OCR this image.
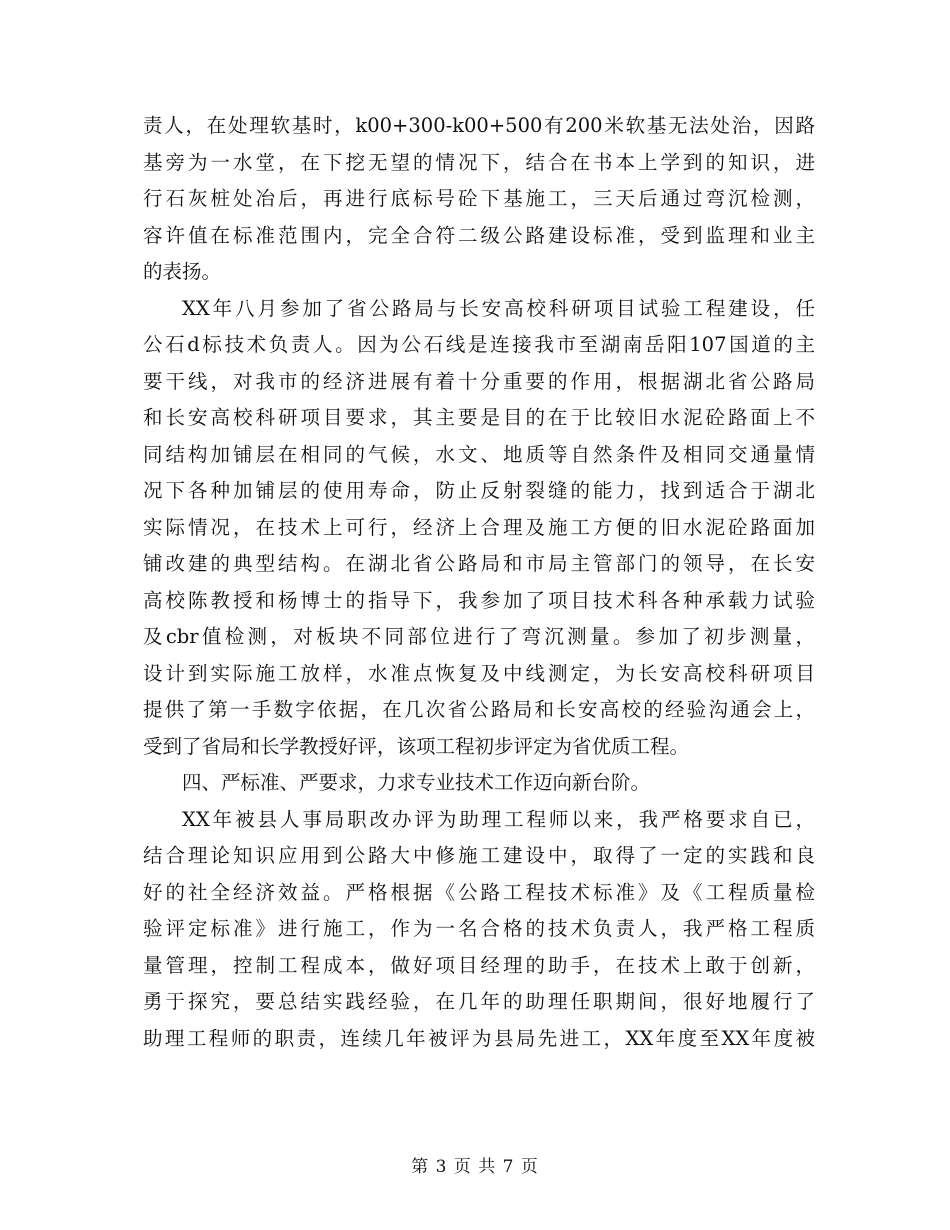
责人，在处理软基时，k00+300-k00+500有200米软基无法处治，因路
基旁为一水堂，在下挖无望的情况下，结合在书本上学到的知识，进
行石灰桩处冶后，再进行底标号砼下基施工，三天后通过弯沉检测，
容许值在标准范围内，完全合符二级公路建设标准，受到监理和业主
的表扬。
XX年八月参加了省公路局与长安高校科研项目试验工程建设，任
公石d标技术负责人。因为公石线是连接我市至湖南岳阳107国道的主
要干线，对我市的经济进展有着十分重要的作用，根据湖北省公路局
和长安高校科研项目要求，其主要是目的在于比较旧水泥砼路面上不
同结构加铺层在相同的气候，水文、地质等自然条件及相同交通量情
况下各种加铺层的使用寿命，防止反射裂缝的能力，找到适合于湖北
实际情况，在技术上可行，经济上合理及施工方便的旧水泥砼路面加
铺改建的典型结构。在湖北省公路局和市局主管部门的领导，在长安
高校陈教授和杨博士的指导下，我参加了项目技术科各种承载力试验
及cbr值检测，对板块不同部位进行了弯沉测量。参加了初步测量，
设计到实际施工放样，水准点恢复及中线测定，为长安高校科研项目
提供了第一手数字依据，在几次省公路局和长安高校的经验沟通会上，
受到了省局和长学教授好评，该项工程初步评定为省优质工程。
四、严标准、严要求，力求专业技术工作迈向新台阶。
XX年被县人事局职改办评为助理工程师以来，我严格要求自已，
结合理论知识应用到公路大中修施工建设中，取得了一定的实践和良
好的社全经济效益。严格根据《公路工程技术标准》及《工程质量检
验评定标准》进行施工，作为一名合格的技术负责人，我严格工程质
量管理，控制工程成本，做好项目经理的助手，在技术上敢于创新，
勇于探究，要总结实践经验，在几年的助理任职期间，很好地履行了
助理工程师的职责，连续几年被评为县局先进工，XX年度至XX年度被
第 3 页 共 7 页
